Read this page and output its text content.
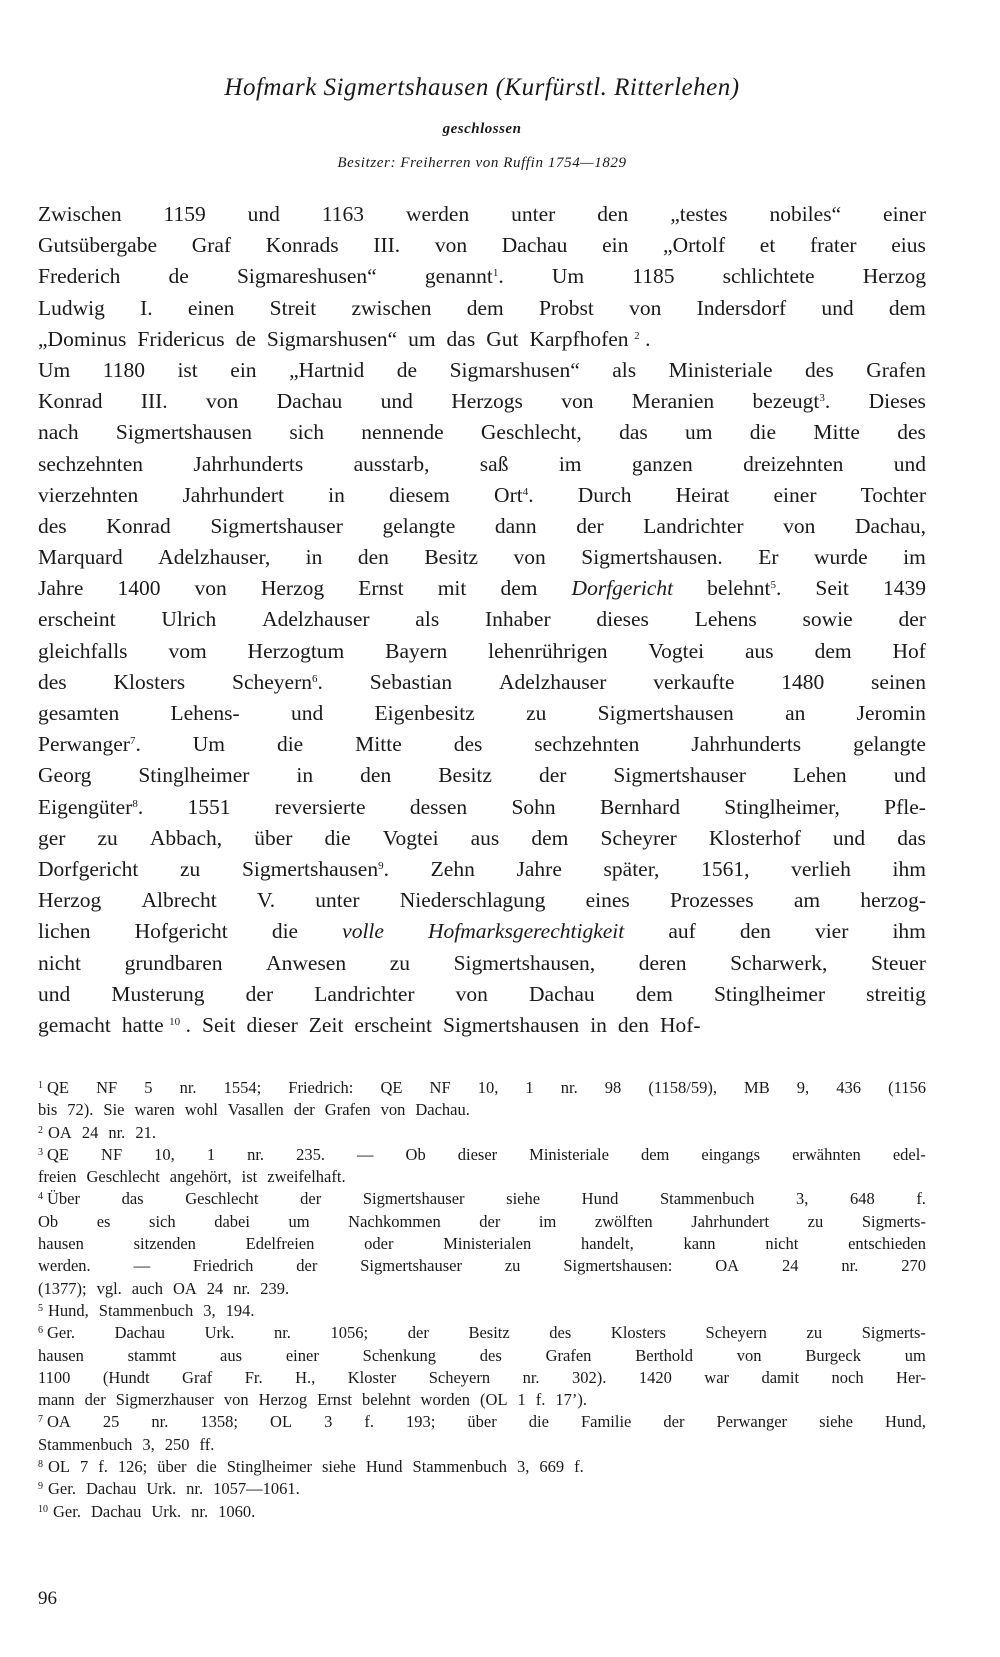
Hofmark Sigmertshausen (Kurfürstl. Ritterlehen)
geschlossen
Besitzer: Freiherren von Ruffin 1754—1829
Zwischen 1159 und 1163 werden unter den „testes nobiles“ einer
Gutsübergabe Graf Konrads III. von Dachau ein „Ortolf et frater eius
Frederich de Sigmareshusen“ genannt$^1$. Um 1185 schlichtete Herzog
Ludwig I. einen Streit zwischen dem Probst von Indersdorf und dem
„Dominus Fridericus de Sigmarshusen“ um das Gut Karpfhofen $^2$ .
Um 1180 ist ein „Hartnid de Sigmarshusen“ als Ministeriale des Grafen
Konrad III. von Dachau und Herzogs von Meranien bezeugt$^3$. Dieses
nach Sigmertshausen sich nennende Geschlecht, das um die Mitte des
sechzehnten Jahrhunderts ausstarb, saß im ganzen dreizehnten und
vierzehnten Jahrhundert in diesem Ort$^4$. Durch Heirat einer Tochter
des Konrad Sigmertshauser gelangte dann der Landrichter von Dachau,
Marquard Adelzhauser, in den Besitz von Sigmertshausen. Er wurde im
Jahre 1400 von Herzog Ernst mit dem Dorfgericht belehnt$^5$. Seit 1439
erscheint Ulrich Adelzhauser als Inhaber dieses Lehens sowie der
gleichfalls vom Herzogtum Bayern lehenrührigen Vogtei aus dem Hof
des Klosters Scheyern$^6$. Sebastian Adelzhauser verkaufte 1480 seinen
gesamten Lehens- und Eigenbesitz zu Sigmertshausen an Jeromin
Perwanger$^7$. Um die Mitte des sechzehnten Jahrhunderts gelangte
Georg Stinglheimer in den Besitz der Sigmertshauser Lehen und
Eigengüter$^8$. 1551 reversierte dessen Sohn Bernhard Stinglheimer, Pfle-
ger zu Abbach, über die Vogtei aus dem Scheyrer Klosterhof und das
Dorfgericht zu Sigmertshausen$^9$. Zehn Jahre später, 1561, verlieh ihm
Herzog Albrecht V. unter Niederschlagung eines Prozesses am herzog-
lichen Hofgericht die volle Hofmarksgerechtigkeit auf den vier ihm
nicht grundbaren Anwesen zu Sigmertshausen, deren Scharwerk, Steuer
und Musterung der Landrichter von Dachau dem Stinglheimer streitig
gemacht hatte $^{10}$ . Seit dieser Zeit erscheint Sigmertshausen in den Hof-
$^1$ QE NF 5 nr. 1554; Friedrich: QE NF 10, 1 nr. 98 (1158/59), MB 9, 436 (1156
bis 72). Sie waren wohl Vasallen der Grafen von Dachau.
$^2$ OA 24 nr. 21.
$^3$ QE NF 10, 1 nr. 235. — Ob dieser Ministeriale dem eingangs erwähnten edel-
freien Geschlecht angehört, ist zweifelhaft.
$^4$ Über	das	Geschlecht	der	Sigmertshauser	siehe	Hund	Stammenbuch	3,	648	f.
Ob es sich dabei um Nachkommen der im zwölften Jahrhundert zu Sigmerts-
hausen	sitzenden	Edelfreien	oder	Ministerialen	handelt,	kann	nicht	entschieden
werden.	—	Friedrich	der	Sigmertshauser	zu	Sigmertshausen:	OA	24	nr.	270
(1377); vgl. auch OA 24 nr. 239.
$^5$ Hund, Stammenbuch 3, 194.
$^6$ Ger. Dachau Urk. nr. 1056; der Besitz des Klosters Scheyern zu Sigmerts-
hausen	stammt	aus	einer	Schenkung	des	Grafen	Berthold	von	Burgeck	um
1100 (Hundt Graf Fr. H., Kloster Scheyern nr. 302). 1420 war damit noch Her-
mann der Sigmerzhauser von Herzog Ernst belehnt worden (OL 1 f. 17’).
$^7$ OA 25 nr. 1358; OL 3 f. 193; über die Familie der Perwanger siehe Hund,
Stammenbuch 3, 250 ff.
$^8$ OL 7 f. 126; über die Stinglheimer siehe Hund Stammenbuch 3, 669 f.
$^9$ Ger. Dachau Urk. nr. 1057—1061.
$^{10}$ Ger. Dachau Urk. nr. 1060.
96
